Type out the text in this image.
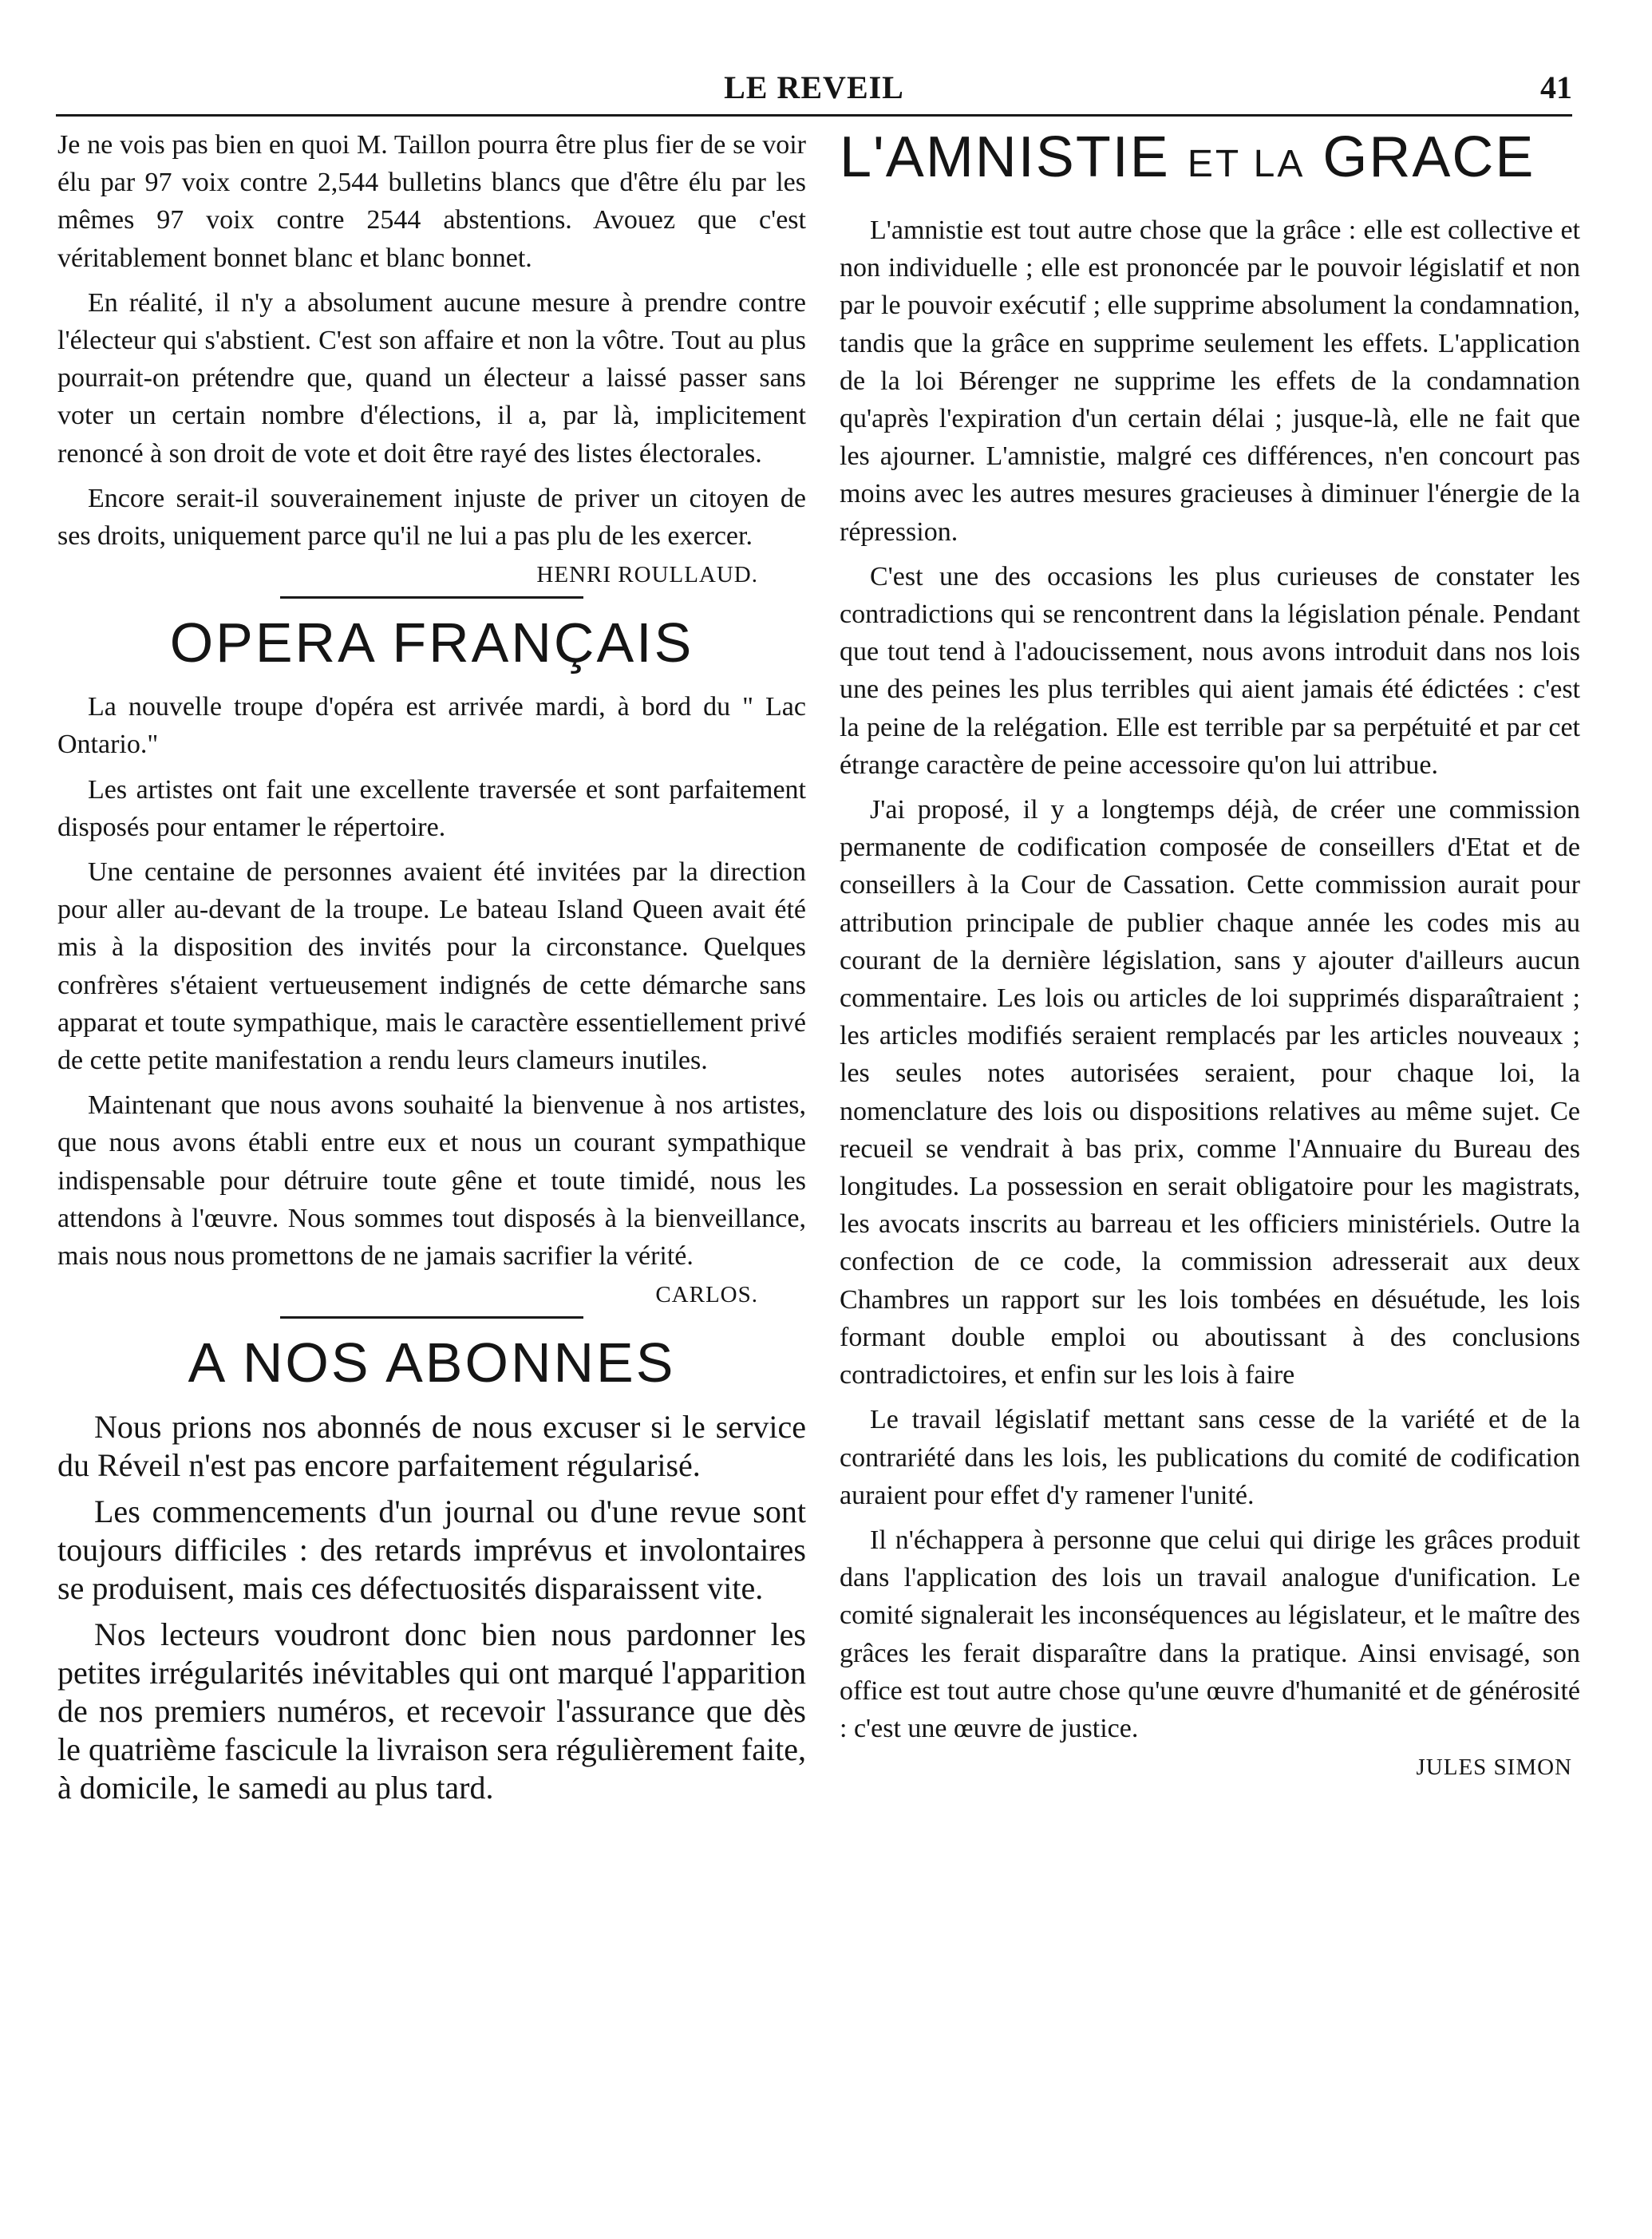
LE REVEIL	41

Je ne vois pas bien en quoi M. Taillon pourra être plus fier de se voir élu par 97 voix contre 2,544 bulletins blancs que d'être élu par les mêmes 97 voix contre 2544 abstentions. Avouez que c'est véritablement bonnet blanc et blanc bonnet.

En réalité, il n'y a absolument aucune mesure à prendre contre l'électeur qui s'abstient. C'est son affaire et non la vôtre. Tout au plus pourrait-on prétendre que, quand un électeur a laissé passer sans voter un certain nombre d'élections, il a, par là, implicitement renoncé à son droit de vote et doit être rayé des listes électorales.

Encore serait-il souverainement injuste de priver un citoyen de ses droits, uniquement parce qu'il ne lui a pas plu de les exercer.

HENRI ROULLAUD.
OPERA FRANÇAIS

La nouvelle troupe d'opéra est arrivée mardi, à bord du " Lac Ontario."

Les artistes ont fait une excellente traversée et sont parfaitement disposés pour entamer le répertoire.

Une centaine de personnes avaient été invitées par la direction pour aller au-devant de la troupe. Le bateau Island Queen avait été mis à la disposition des invités pour la circonstance. Quelques confrères s'étaient vertueusement indignés de cette démarche sans apparat et toute sympathique, mais le caractère essentiellement privé de cette petite manifestation a rendu leurs clameurs inutiles.

Maintenant que nous avons souhaité la bienvenue à nos artistes, que nous avons établi entre eux et nous un courant sympathique indispensable pour détruire toute gêne et toute timidé, nous les attendons à l'œuvre. Nous sommes tout disposés à la bienveillance, mais nous nous promettons de ne jamais sacrifier la vérité.

CARLOS.
A NOS ABONNES

Nous prions nos abonnés de nous excuser si le service du Réveil n'est pas encore parfaitement régularisé.

Les commencements d'un journal ou d'une revue sont toujours difficiles : des retards imprévus et involontaires se produisent, mais ces défectuosités disparaissent vite.

Nos lecteurs voudront donc bien nous pardonner les petites irrégularités inévitables qui ont marqué l'apparition de nos premiers numéros, et recevoir l'assurance que dès le quatrième fascicule la livraison sera régulièrement faite, à domicile, le samedi au plus tard.

L'AMNISTIE ET LA GRACE

L'amnistie est tout autre chose que la grâce : elle est collective et non individuelle ; elle est prononcée par le pouvoir législatif et non par le pouvoir exécutif ; elle supprime absolument la condamnation, tandis que la grâce en supprime seulement les effets. L'application de la loi Bérenger ne supprime les effets de la condamnation qu'après l'expiration d'un certain délai ; jusque-là, elle ne fait que les ajourner. L'amnistie, malgré ces différences, n'en concourt pas moins avec les autres mesures gracieuses à diminuer l'énergie de la répression.

C'est une des occasions les plus curieuses de constater les contradictions qui se rencontrent dans la législation pénale. Pendant que tout tend à l'adoucissement, nous avons introduit dans nos lois une des peines les plus terribles qui aient jamais été édictées : c'est la peine de la relégation. Elle est terrible par sa perpétuité et par cet étrange caractère de peine accessoire qu'on lui attribue.

J'ai proposé, il y a longtemps déjà, de créer une commission permanente de codification composée de conseillers d'Etat et de conseillers à la Cour de Cassation. Cette commission aurait pour attribution principale de publier chaque année les codes mis au courant de la dernière législation, sans y ajouter d'ailleurs aucun commentaire. Les lois ou articles de loi supprimés disparaîtraient ; les articles modifiés seraient remplacés par les articles nouveaux ; les seules notes autorisées seraient, pour chaque loi, la nomenclature des lois ou dispositions relatives au même sujet. Ce recueil se vendrait à bas prix, comme l'Annuaire du Bureau des longitudes. La possession en serait obligatoire pour les magistrats, les avocats inscrits au barreau et les officiers ministériels. Outre la confection de ce code, la commission adresserait aux deux Chambres un rapport sur les lois tombées en désuétude, les lois formant double emploi ou aboutissant à des conclusions contradictoires, et enfin sur les lois à faire

Le travail législatif mettant sans cesse de la variété et de la contrariété dans les lois, les publications du comité de codification auraient pour effet d'y ramener l'unité.

Il n'échappera à personne que celui qui dirige les grâces produit dans l'application des lois un travail analogue d'unification. Le comité signalerait les inconséquences au législateur, et le maître des grâces les ferait disparaître dans la pratique. Ainsi envisagé, son office est tout autre chose qu'une œuvre d'humanité et de générosité : c'est une œuvre de justice.

JULES SIMON
